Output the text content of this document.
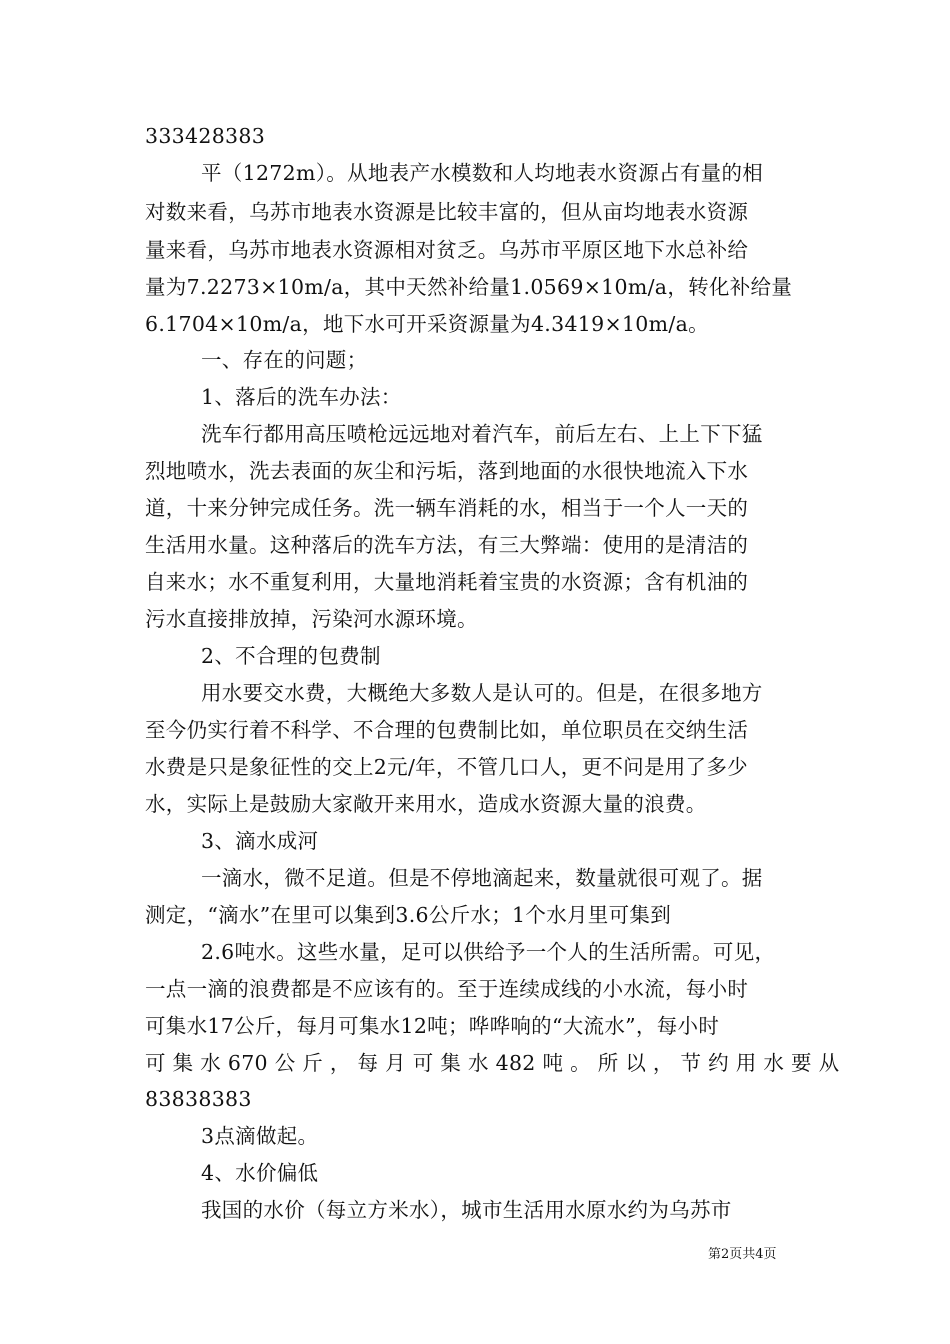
333428383
平（1272m）。从地表产水模数和人均地表水资源占有量的相
对数来看，乌苏市地表水资源是比较丰富的，但从亩均地表水资源
量来看，乌苏市地表水资源相对贫乏。乌苏市平原区地下水总补给
量为7.2273×10m/a，其中天然补给量1.0569×10m/a，转化补给量
6.1704×10m/a，地下水可开采资源量为4.3419×10m/a。
一、存在的问题；
1、落后的洗车办法：
洗车行都用高压喷枪远远地对着汽车，前后左右、上上下下猛
烈地喷水，洗去表面的灰尘和污垢，落到地面的水很快地流入下水
道，十来分钟完成任务。洗一辆车消耗的水，相当于一个人一天的
生活用水量。这种落后的洗车方法，有三大弊端：使用的是清洁的
自来水；水不重复利用，大量地消耗着宝贵的水资源；含有机油的
污水直接排放掉，污染河水源环境。
2、不合理的包费制
用水要交水费，大概绝大多数人是认可的。但是，在很多地方
至今仍实行着不科学、不合理的包费制比如，单位职员在交纳生活
水费是只是象征性的交上2元/年，不管几口人，更不问是用了多少
水，实际上是鼓励大家敞开来用水，造成水资源大量的浪费。
3、滴水成河
一滴水，微不足道。但是不停地滴起来，数量就很可观了。据
测定，“滴水”在里可以集到3.6公斤水；1个水月里可集到
2.6吨水。这些水量，足可以供给予一个人的生活所需。可见，
一点一滴的浪费都是不应该有的。至于连续成线的小水流，每小时
可集水17公斤，每月可集水12吨；哗哗响的“大流水”，每小时
可 集 水 670 公 斤 ， 每 月 可 集 水 482 吨 。 所 以 ， 节 约 用 水 要 从
83838383
3点滴做起。
4、水价偏低
我国的水价（每立方米水），城市生活用水原水约为乌苏市
第2页共4页
